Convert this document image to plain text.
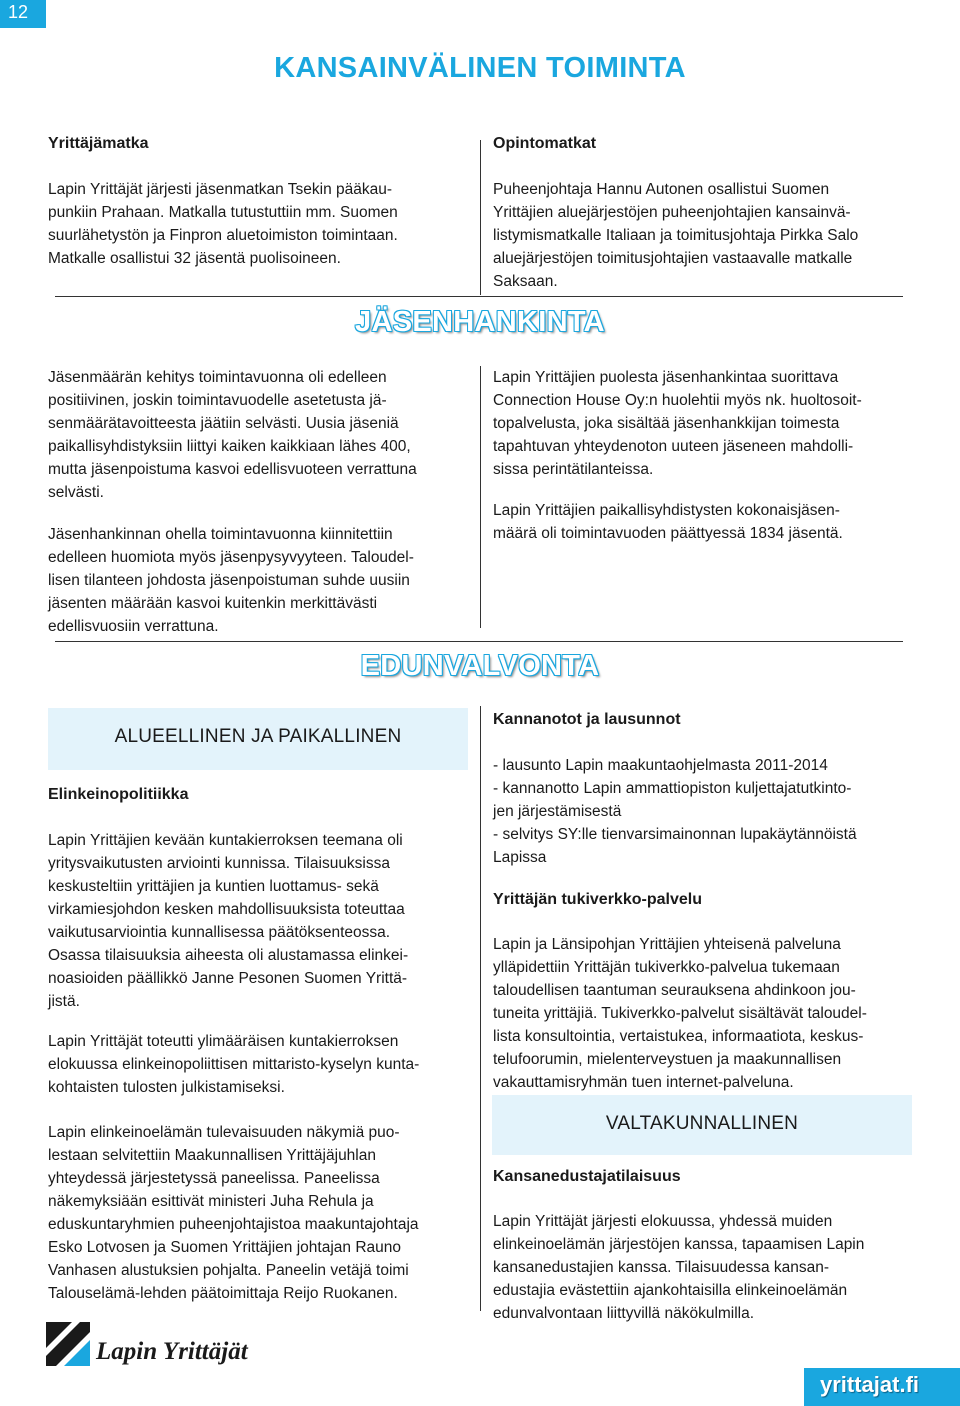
12
KANSAINVÄLINEN TOIMINTA

Yrittäjämatka

Lapin Yrittäjät järjesti jäsenmatkan Tsekin pääkau-

punkiin Prahaan. Matkalla tutustuttiin mm. Suomen

suurlähetystön ja Finpron aluetoimiston toimintaan.

Matkalle osallistui 32 jäsentä puolisoineen.

Opintomatkat

Puheenjohtaja Hannu Autonen osallistui Suomen

Yrittäjien aluejärjestöjen puheenjohtajien kansainvä-

listymismatkalle Italiaan ja toimitusjohtaja Pirkka Salo

aluejärjestöjen toimitusjohtajien vastaavalle matkalle

Saksaan.

JÄSENHANKINTA

Jäsenmäärän kehitys toimintavuonna oli edelleen

positiivinen, joskin toimintavuodelle asetetusta jä-

senmäärätavoitteesta jäätiin selvästi. Uusia jäseniä

paikallisyhdistyksiin liittyi kaiken kaikkiaan lähes 400,

mutta jäsenpoistuma kasvoi edellisvuoteen verrattuna

selvästi.

Jäsenhankinnan ohella toimintavuonna kiinnitettiin

edelleen huomiota myös jäsenpysyvyyteen. Taloudel-

lisen tilanteen johdosta jäsenpoistuman suhde uusiin

jäsenten määrään kasvoi kuitenkin merkittävästi

edellisvuosiin verrattuna.

Lapin Yrittäjien puolesta jäsenhankintaa suorittava

Connection House Oy:n huolehtii myös nk. huoltosoit-

topalvelusta, joka sisältää jäsenhankkijan toimesta

tapahtuvan yhteydenoton uuteen jäseneen mahdolli-

sissa perintätilanteissa.

Lapin Yrittäjien paikallisyhdistysten kokonaisjäsen-

määrä oli toimintavuoden päättyessä 1834 jäsentä.

EDUNVALVONTA
ALUEELLINEN JA PAIKALLINEN

Elinkeinopolitiikka

Lapin Yrittäjien kevään kuntakierroksen teemana oli

yritysvaikutusten arviointi kunnissa. Tilaisuuksissa

keskusteltiin yrittäjien ja kuntien luottamus- sekä

virkamiesjohdon kesken mahdollisuuksista toteuttaa

vaikutusarviointia kunnallisessa päätöksenteossa.

Osassa tilaisuuksia aiheesta oli alustamassa elinkei-

noasioiden päällikkö Janne Pesonen Suomen Yrittä-

jistä.

Lapin Yrittäjät toteutti ylimääräisen kuntakierroksen

elokuussa elinkeinopoliittisen mittaristo-kyselyn kunta-

kohtaisten tulosten julkistamiseksi.

Lapin elinkeinoelämän tulevaisuuden näkymiä puo-

lestaan selvitettiin Maakunnallisen Yrittäjäjuhlan

yhteydessä järjestetyssä paneelissa. Paneelissa

näkemyksiään esittivät ministeri Juha Rehula ja

eduskuntaryhmien puheenjohtajistoa maakuntajohtaja

Esko Lotvosen ja Suomen Yrittäjien johtajan Rauno

Vanhasen alustuksien pohjalta. Paneelin vetäjä toimi

Talouselämä-lehden päätoimittaja Reijo Ruokanen.

Kannanotot ja lausunnot

- lausunto Lapin maakuntaohjelmasta 2011-2014

- kannanotto Lapin ammattiopiston kuljettajatutkinto-

jen järjestämisestä

- selvitys SY:lle tienvarsimainonnan lupakäytännöistä

Lapissa

Yrittäjän tukiverkko-palvelu

Lapin ja Länsipohjan Yrittäjien yhteisenä palveluna

ylläpidettiin Yrittäjän tukiverkko-palvelua tukemaan

taloudellisen taantuman seurauksena ahdinkoon jou-

tuneita yrittäjiä. Tukiverkko-palvelut sisältävät taloudel-

lista konsultointia, vertaistukea, informaatiota, keskus-

telufoorumin, mielenterveystuen ja maakunnallisen

vakauttamisryhmän tuen internet-palveluna.

VALTAKUNNALLINEN

Kansanedustajatilaisuus

Lapin Yrittäjät järjesti elokuussa, yhdessä muiden

elinkeinoelämän järjestöjen kanssa, tapaamisen Lapin

kansanedustajien kanssa. Tilaisuudessa kansan-

edustajia evästettiin ajankohtaisilla elinkeinoelämän

edunvalvontaan liittyvillä näkökulmilla.

Lapin Yrittäjät
yrittajat.fi
